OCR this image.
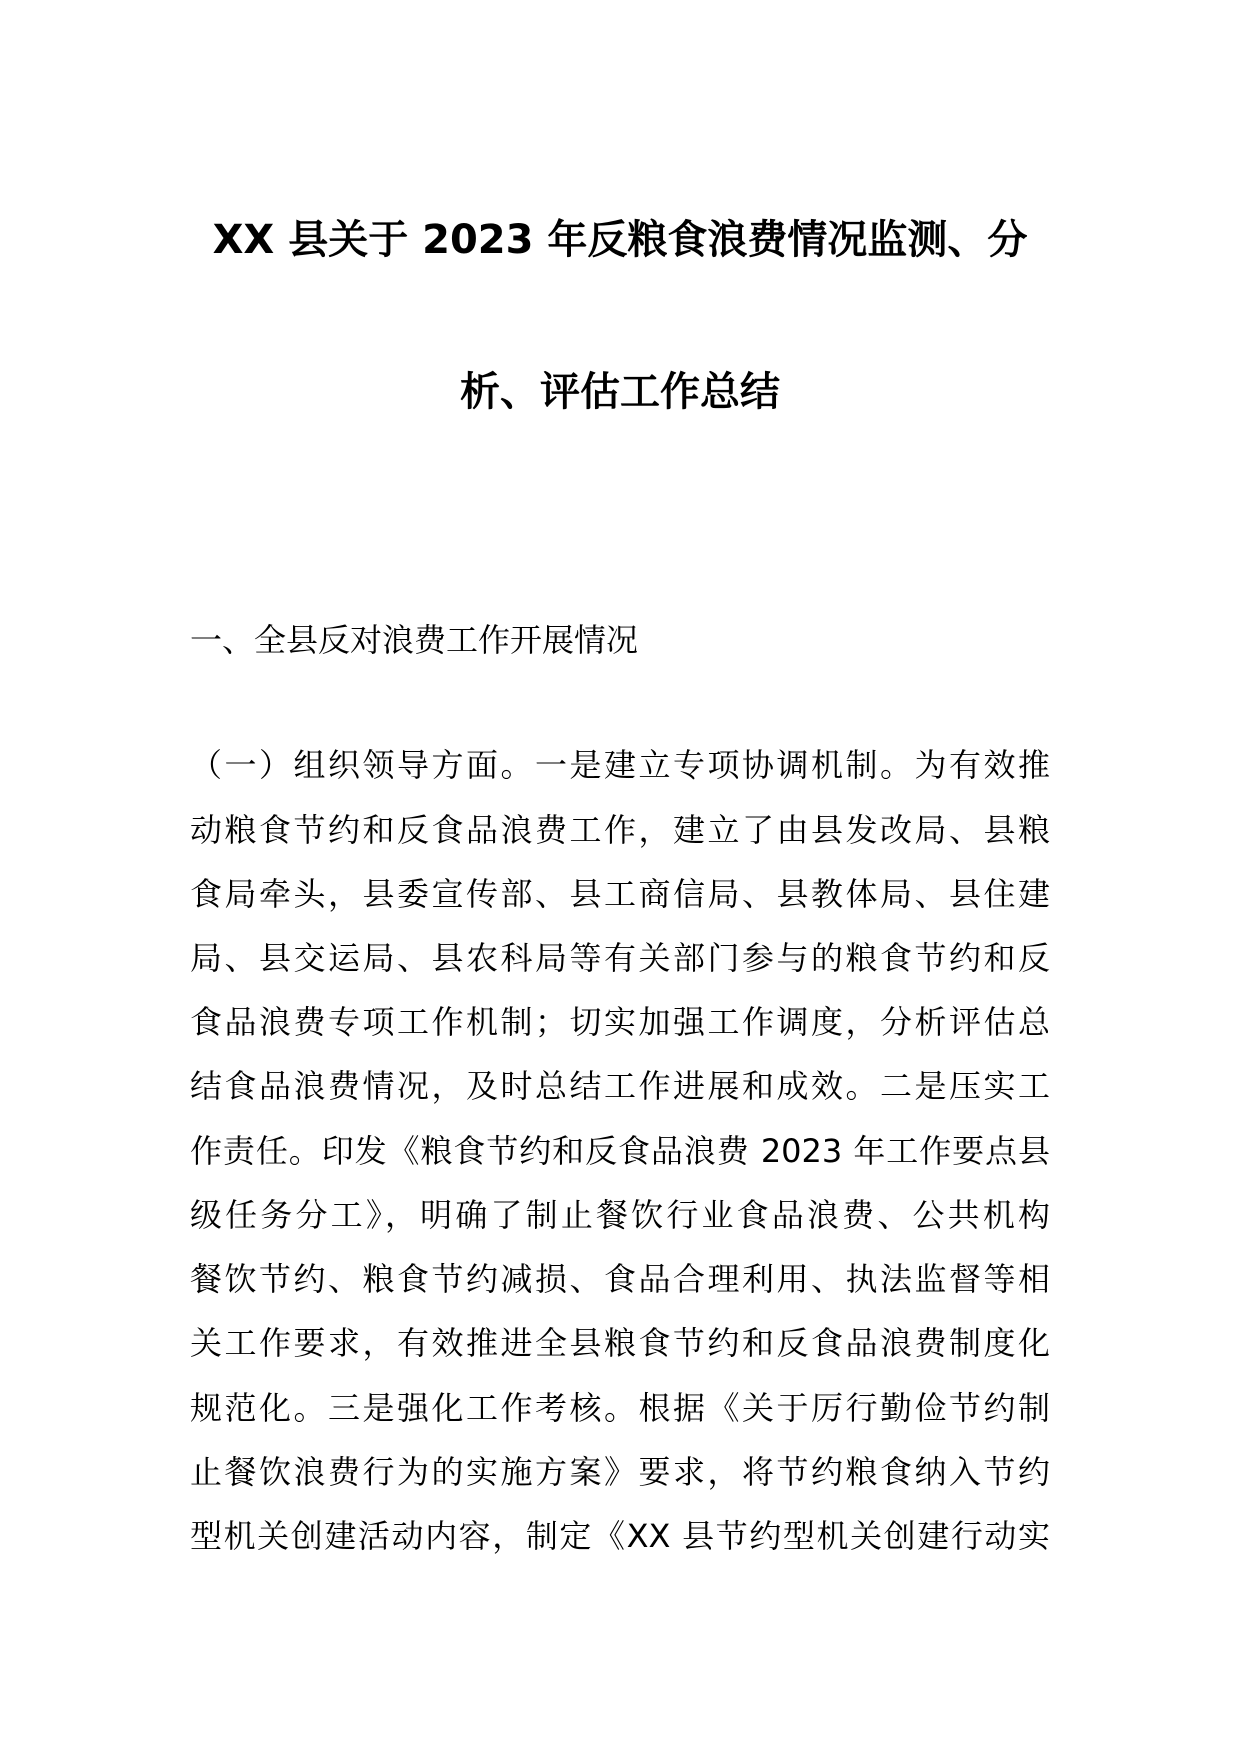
XX 县关于 2023 年反粮食浪费情况监测、分
析、评估工作总结
一、全县反对浪费工作开展情况

（一）组织领导方面。一是建立专项协调机制。为有效推

动粮食节约和反食品浪费工作，建立了由县发改局、县粮

食局牵头，县委宣传部、县工商信局、县教体局、县住建

局、县交运局、县农科局等有关部门参与的粮食节约和反

食品浪费专项工作机制；切实加强工作调度，分析评估总

结食品浪费情况，及时总结工作进展和成效。二是压实工

作责任。印发《粮食节约和反食品浪费 2023 年工作要点县

级任务分工》，明确了制止餐饮行业食品浪费、公共机构

餐饮节约、粮食节约减损、食品合理利用、执法监督等相

关工作要求，有效推进全县粮食节约和反食品浪费制度化

规范化。三是强化工作考核。根据《关于厉行勤俭节约制

止餐饮浪费行为的实施方案》要求，将节约粮食纳入节约

型机关创建活动内容，制定《XX 县节约型机关创建行动实
